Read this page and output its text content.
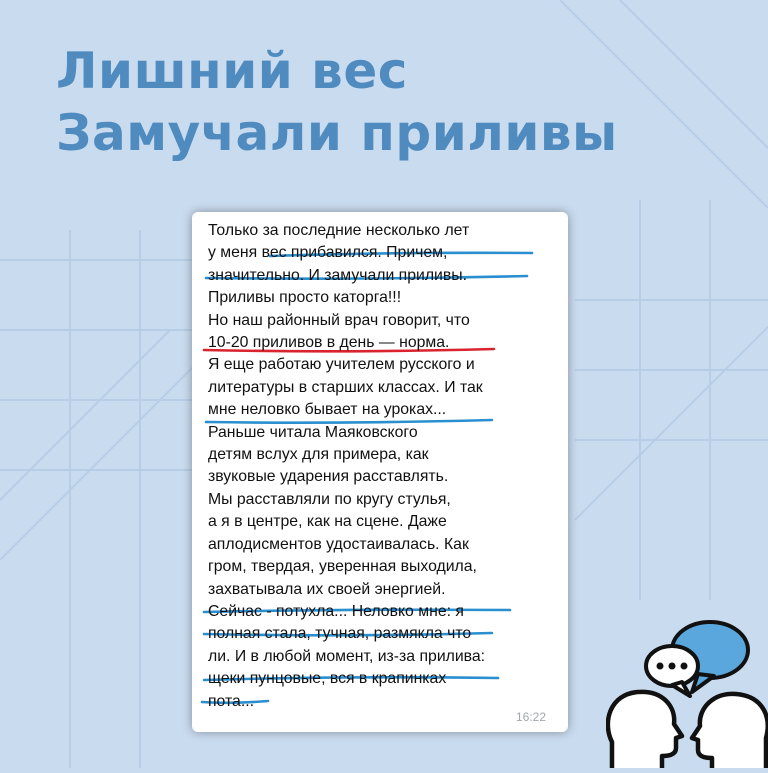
Лишний вес
Замучали приливы
Только за последние несколько лет
у меня вес прибавился. Причем,
значительно. И замучали приливы.
Приливы просто каторга!!!
Но наш районный врач говорит, что
10-20 приливов в день — норма.
Я еще работаю учителем русского и
литературы в старших классах. И так
мне неловко бывает на уроках...
Раньше читала Маяковского
детям вслух для примера, как
звуковые ударения расставлять.
Мы расставляли по кругу стулья,
а я в центре, как на сцене. Даже
аплодисментов удостаивалась. Как
гром, твердая, уверенная выходила,
захватывала их своей энергией.
Сейчас - потухла... Неловко мне: я
полная стала, тучная, размякла что
ли. И в любой момент, из-за прилива:
щеки пунцовые, вся в крапинках
пота...
16:22
